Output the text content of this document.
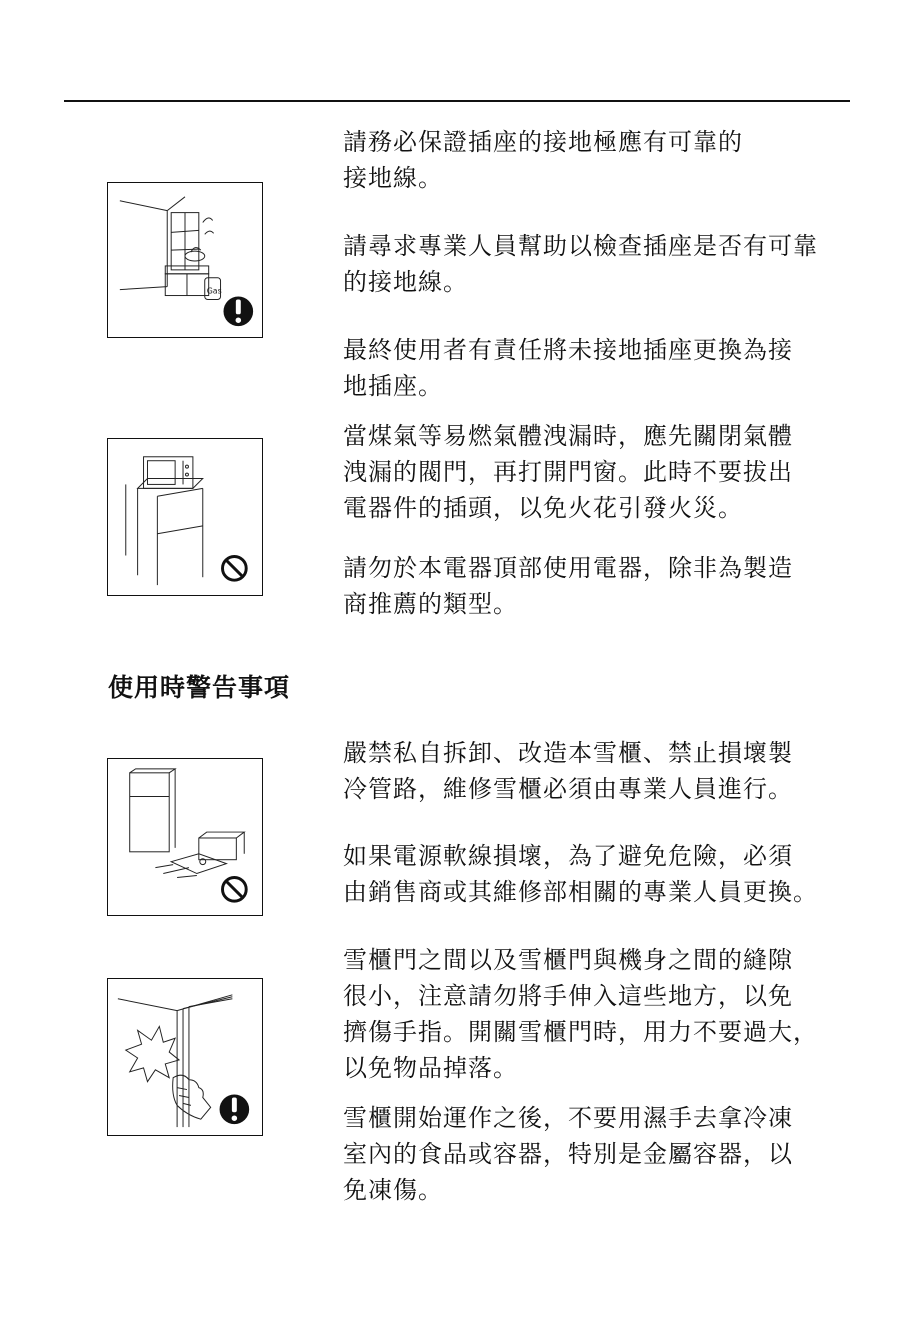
Gas

請務必保證插座的接地極應有可靠的
接地線。

請尋求專業人員幫助以檢查插座是否有可靠
的接地線。

最終使用者有責任將未接地插座更換為接
地插座。

當煤氣等易燃氣體洩漏時，應先關閉氣體
洩漏的閥門，再打開門窗。此時不要拔出
電器件的插頭，以免火花引發火災。

請勿於本電器頂部使用電器，除非為製造
商推薦的類型。

使用時警告事項

嚴禁私自拆卸、改造本雪櫃、禁止損壞製
冷管路，維修雪櫃必須由專業人員進行。

如果電源軟線損壞，為了避免危險，必須
由銷售商或其維修部相關的專業人員更換。

雪櫃門之間以及雪櫃門與機身之間的縫隙
很小，注意請勿將手伸入這些地方，以免
擠傷手指。開關雪櫃門時，用力不要過大，
以免物品掉落。

雪櫃開始運作之後，不要用濕手去拿冷凍
室內的食品或容器，特別是金屬容器，以
免凍傷。
